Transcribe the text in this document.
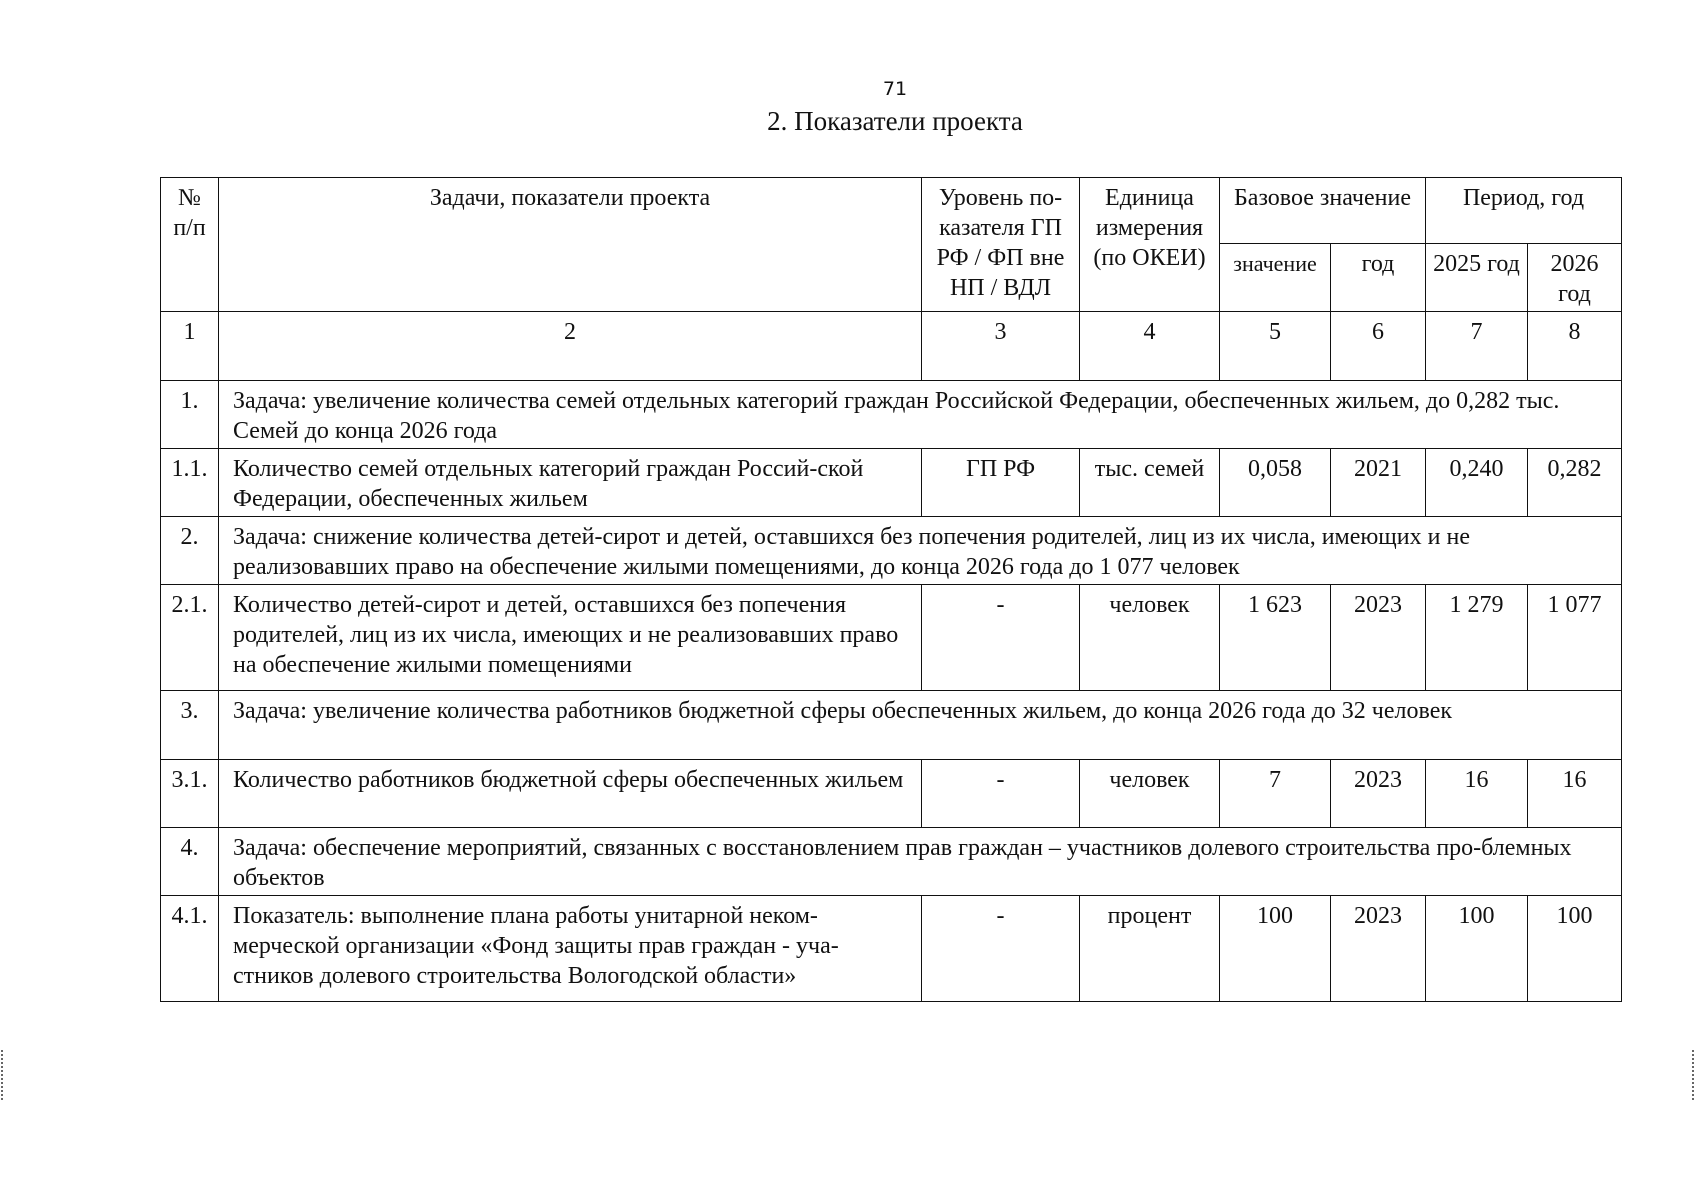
71
2. Показатели проекта
№ п/п	Задачи, показатели проекта	Уровень по-казателя ГП РФ / ФП вне НП / ВДЛ	Единица измерения (по ОКЕИ)	Базовое значение		Период, год	
				значение	год	2025 год	2026 год
1	2	3	4	5	6	7	8
1.	Задача: увеличение количества семей отдельных категорий граждан Российской Федерации, обеспеченных жильем, до 0,282 тыс. Семей до конца 2026 года						
1.1.	Количество семей отдельных категорий граждан Россий-ской Федерации, обеспеченных жильем	ГП РФ	тыс. семей	0,058	2021	0,240	0,282
2.	Задача: снижение количества детей-сирот и детей, оставшихся без попечения родителей, лиц из их числа, имеющих и не реализовавших право на обеспечение жилыми помещениями, до конца 2026 года до 1 077 человек						
2.1.	Количество детей-сирот и детей, оставшихся без попечения родителей, лиц из их числа, имеющих и не реализовавших право на обеспечение жилыми помещениями	-	человек	1 623	2023	1 279	1 077
3.	Задача: увеличение количества работников бюджетной сферы обеспеченных жильем, до конца 2026 года до 32 человек						
3.1.	Количество работников бюджетной сферы обеспеченных жильем	-	человек	7	2023	16	16
4.	Задача: обеспечение мероприятий, связанных с восстановлением прав граждан – участников долевого строительства про-блемных объектов						
4.1.	Показатель: выполнение плана работы унитарной неком-мерческой организации «Фонд защиты прав граждан - уча-стников долевого строительства Вологодской области»	-	процент	100	2023	100	100
